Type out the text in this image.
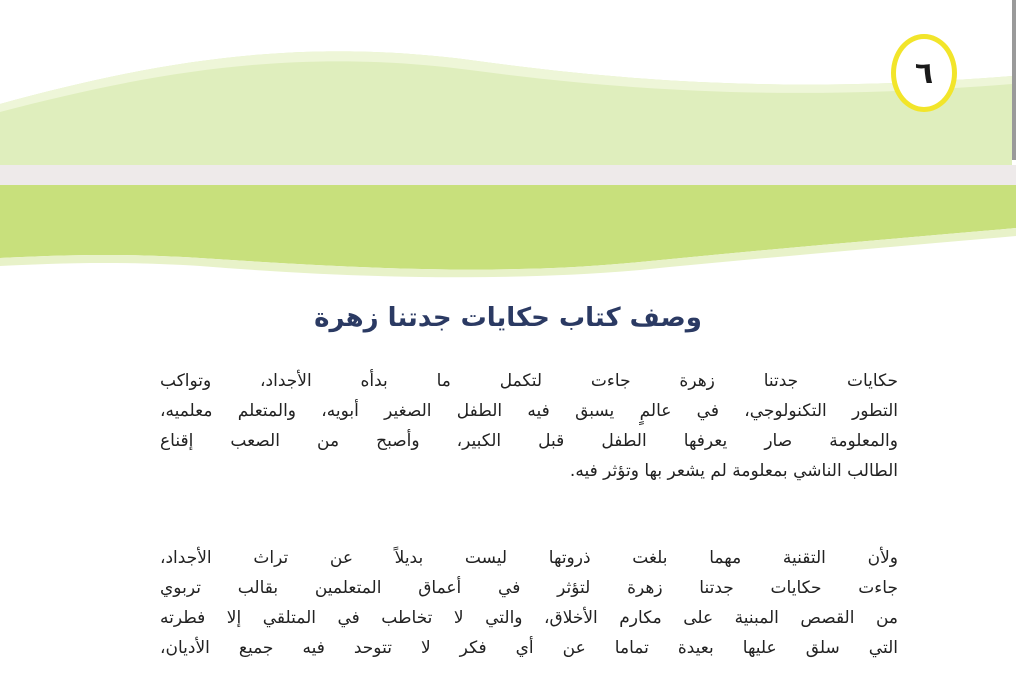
٦
وصف كتاب حكايات جدتنا زهرة
حكايات جدتنا زهرة جاءت لتكمل ما بدأه الأجداد، وتواكب
التطور التكنولوجي، في عالمٍ يسبق فيه الطفل الصغير أبويه، والمتعلم معلميه،
والمعلومة صار يعرفها الطفل قبل الكبير، وأصبح من الصعب إقناع
الطالب الناشي بمعلومة لم يشعر بها وتؤثر فيه.
ولأن التقنية مهما بلغت ذروتها ليست بديلاً عن تراث الأجداد،
جاءت حكايات جدتنا زهرة لتؤثر في أعماق المتعلمين بقالب تربوي
من القصص المبنية على مكارم الأخلاق، والتي لا تخاطب في المتلقي إلا فطرته
التي سلق عليها بعيدة تماما عن أي فكر لا تتوحد فيه جميع الأديان،
